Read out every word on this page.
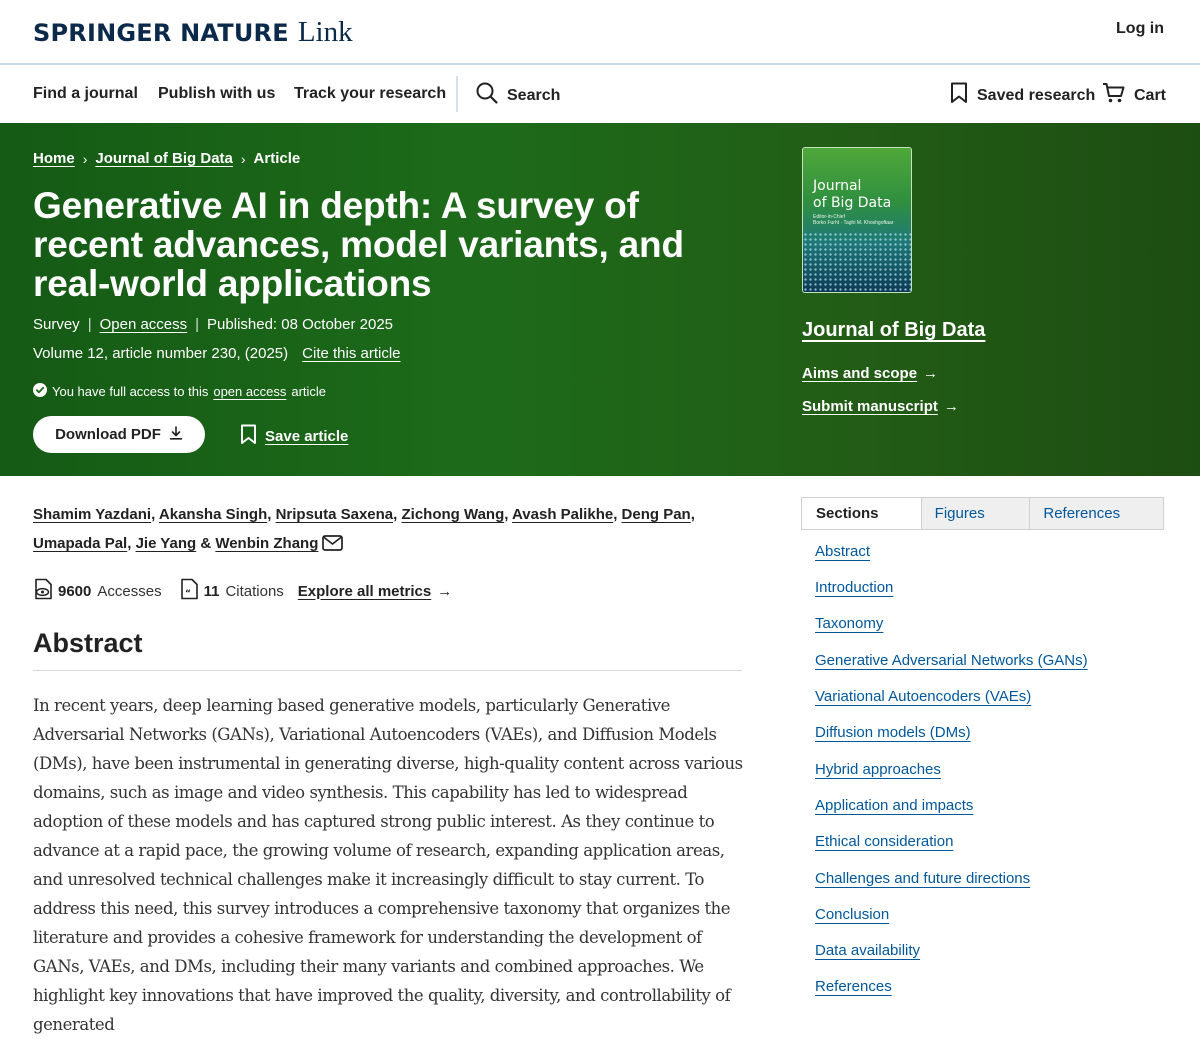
SPRINGER NATURE Link	Log in
Find a journal Publish with us Track your research	Search	Saved research Cart
Home › Journal of Big Data › Article
Generative AI in depth: A survey of recent advances, model variants, and real-world applications
Survey | Open access | Published: 08 October 2025
Volume 12, article number 230, (2025) Cite this article
You have full access to this open access article
Download PDF	Save article
Journal
of Big Data
Editor-in-Chief
Borko Furht · Taghi M. Khoshgoftaar
Journal of Big Data
Aims and scope →
Submit manuscript →
Shamim Yazdani, Akansha Singh, Nripsuta Saxena, Zichong Wang, Avash Palikhe, Deng Pan, Umapada Pal, Jie Yang & Wenbin Zhang
9600 Accesses	“ 11 Citations Explore all metrics →
Abstract

In recent years, deep learning based generative models, particularly Generative Adversarial Networks (GANs), Variational Autoencoders (VAEs), and Diffusion Models (DMs), have been instrumental in generating diverse, high-quality content across various domains, such as image and video synthesis. This capability has led to widespread adoption of these models and has captured strong public interest. As they continue to advance at a rapid pace, the growing volume of research, expanding application areas, and unresolved technical challenges make it increasingly difficult to stay current. To address this need, this survey introduces a comprehensive taxonomy that organizes the literature and provides a cohesive framework for understanding the development of GANs, VAEs, and DMs, including their many variants and combined approaches. We highlight key innovations that have improved the quality, diversity, and controllability of generated

Sections	Figures	References
Abstract
Introduction
Taxonomy
Generative Adversarial Networks (GANs)
Variational Autoencoders (VAEs)
Diffusion models (DMs)
Hybrid approaches
Application and impacts
Ethical consideration
Challenges and future directions
Conclusion
Data availability
References
